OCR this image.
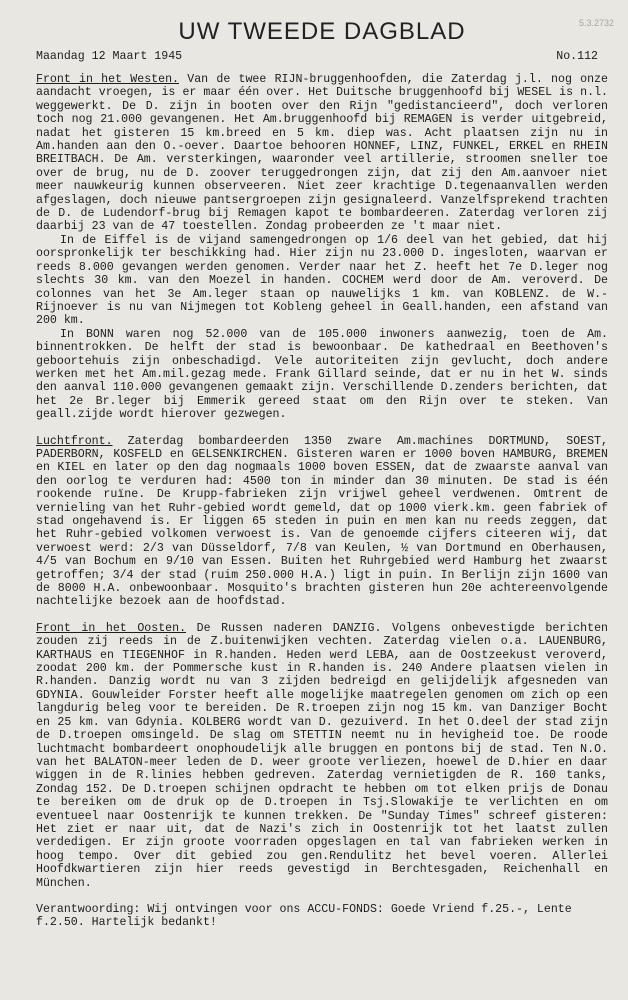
5.3.2732
UW TWEEDE DAGBLAD
Maandag 12 Maart 1945	No.112

Front in het Westen. Van de twee RIJN-bruggenhoofden, die Zaterdag j.l. nog onze aandacht vroegen, is er maar één over. Het Duitsche bruggenhoofd bij WESEL is n.l. weggewerkt. De D. zijn in booten over den Rijn "gedistancieerd", doch verloren toch nog 21.000 gevangenen. Het Am.bruggenhoofd bij REMAGEN is verder uitgebreid, nadat het gisteren 15 km.breed en 5 km. diep was. Acht plaatsen zijn nu in Am.handen aan den O.-oever. Daartoe behooren HONNEF, LINZ, FUNKEL, ERKEL en RHEIN BREITBACH. De Am. versterkingen, waaronder veel artillerie, stroomen sneller toe over de brug, nu de D. zoover teruggedrongen zijn, dat zij den Am.aanvoer niet meer nauwkeurig kunnen observeeren. Niet zeer krachtige D.tegenaanvallen werden afgeslagen, doch nieuwe pantsergroepen zijn gesignaleerd. Vanzelfsprekend trachten de D. de Ludendorf-brug bij Remagen kapot te bombardeeren. Zaterdag verloren zij daarbij 23 van de 47 toestellen. Zondag probeerden ze 't maar niet.

In de Eiffel is de vijand samengedrongen op 1/6 deel van het gebied, dat hij oorspronkelijk ter beschikking had. Hier zijn nu 23.000 D. ingesloten, waarvan er reeds 8.000 gevangen werden genomen. Verder naar het Z. heeft het 7e D.leger nog slechts 30 km. van den Moezel in handen. COCHEM werd door de Am. veroverd. De colonnes van het 3e Am.leger staan op nauwelijks 1 km. van KOBLENZ. de W.-Rijnoever is nu van Nijmegen tot Kobleng geheel in Geall.handen, een afstand van 200 km.

In BONN waren nog 52.000 van de 105.000 inwoners aanwezig, toen de Am. binnentrokken. De helft der stad is bewoonbaar. De kathedraal en Beethoven's geboortehuis zijn onbeschadigd. Vele autoriteiten zijn gevlucht, doch andere werken met het Am.mil.gezag mede. Frank Gillard seinde, dat er nu in het W. sinds den aanval 110.000 gevangenen gemaakt zijn. Verschillende D.zenders berichten, dat het 2e Br.leger bij Emmerik gereed staat om den Rijn over te steken. Van geall.zijde wordt hierover gezwegen.

Luchtfront. Zaterdag bombardeerden 1350 zware Am.machines DORTMUND, SOEST, PADERBORN, KOSFELD en GELSENKIRCHEN. Gisteren waren er 1000 boven HAMBURG, BREMEN en KIEL en later op den dag nogmaals 1000 boven ESSEN, dat de zwaarste aanval van den oorlog te verduren had: 4500 ton in minder dan 30 minuten. De stad is één rookende ruïne. De Krupp-fabrieken zijn vrijwel geheel verdwenen. Omtrent de vernieling van het Ruhr-gebied wordt gemeld, dat op 1000 vierk.km. geen fabriek of stad ongehavend is. Er liggen 65 steden in puin en men kan nu reeds zeggen, dat het Ruhr-gebied volkomen verwoest is. Van de genoemde cijfers citeeren wij, dat verwoest werd: 2/3 van Düsseldorf, 7/8 van Keulen, ½ van Dortmund en Oberhausen, 4/5 van Bochum en 9/10 van Essen. Buiten het Ruhrgebied werd Hamburg het zwaarst getroffen; 3/4 der stad (ruim 250.000 H.A.) ligt in puin. In Berlijn zijn 1600 van de 8000 H.A. onbewoonbaar. Mosquito's brachten gisteren hun 20e achtereenvolgende nachtelijke bezoek aan de hoofdstad.

Front in het Oosten. De Russen naderen DANZIG. Volgens onbevestigde berichten zouden zij reeds in de Z.buitenwijken vechten. Zaterdag vielen o.a. LAUENBURG, KARTHAUS en TIEGENHOF in R.handen. Heden werd LEBA, aan de Oostzeekust veroverd, zoodat 200 km. der Pommersche kust in R.handen is. 240 Andere plaatsen vielen in R.handen. Danzig wordt nu van 3 zijden bedreigd en gelijdelijk afgesneden van GDYNIA. Gouwleider Forster heeft alle mogelijke maatregelen genomen om zich op een langdurig beleg voor te bereiden. De R.troepen zijn nog 15 km. van Danziger Bocht en 25 km. van Gdynia. KOLBERG wordt van D. gezuiverd. In het O.deel der stad zijn de D.troepen omsingeld. De slag om STETTIN neemt nu in hevigheid toe. De roode luchtmacht bombardeert onophoudelijk alle bruggen en pontons bij de stad. Ten N.O. van het BALATON-meer leden de D. weer groote verliezen, hoewel de D.hier en daar wiggen in de R.linies hebben gedreven. Zaterdag vernietigden de R. 160 tanks, Zondag 152. De D.troepen schijnen opdracht te hebben om tot elken prijs de Donau te bereiken om de druk op de D.troepen in Tsj.Slowakije te verlichten en om eventueel naar Oostenrijk te kunnen trekken. De "Sunday Times" schreef gisteren: Het ziet er naar uit, dat de Nazi's zich in Oostenrijk tot het laatst zullen verdedigen. Er zijn groote voorraden opgeslagen en tal van fabrieken werken in hoog tempo. Over dit gebied zou gen.Rendulitz het bevel voeren. Allerlei Hoofdkwartieren zijn hier reeds gevestigd in Berchtesgaden, Reichenhall en München.

Verantwoording: Wij ontvingen voor ons ACCU-FONDS: Goede Vriend f.25.-, Lente f.2.50. Hartelijk bedankt!
